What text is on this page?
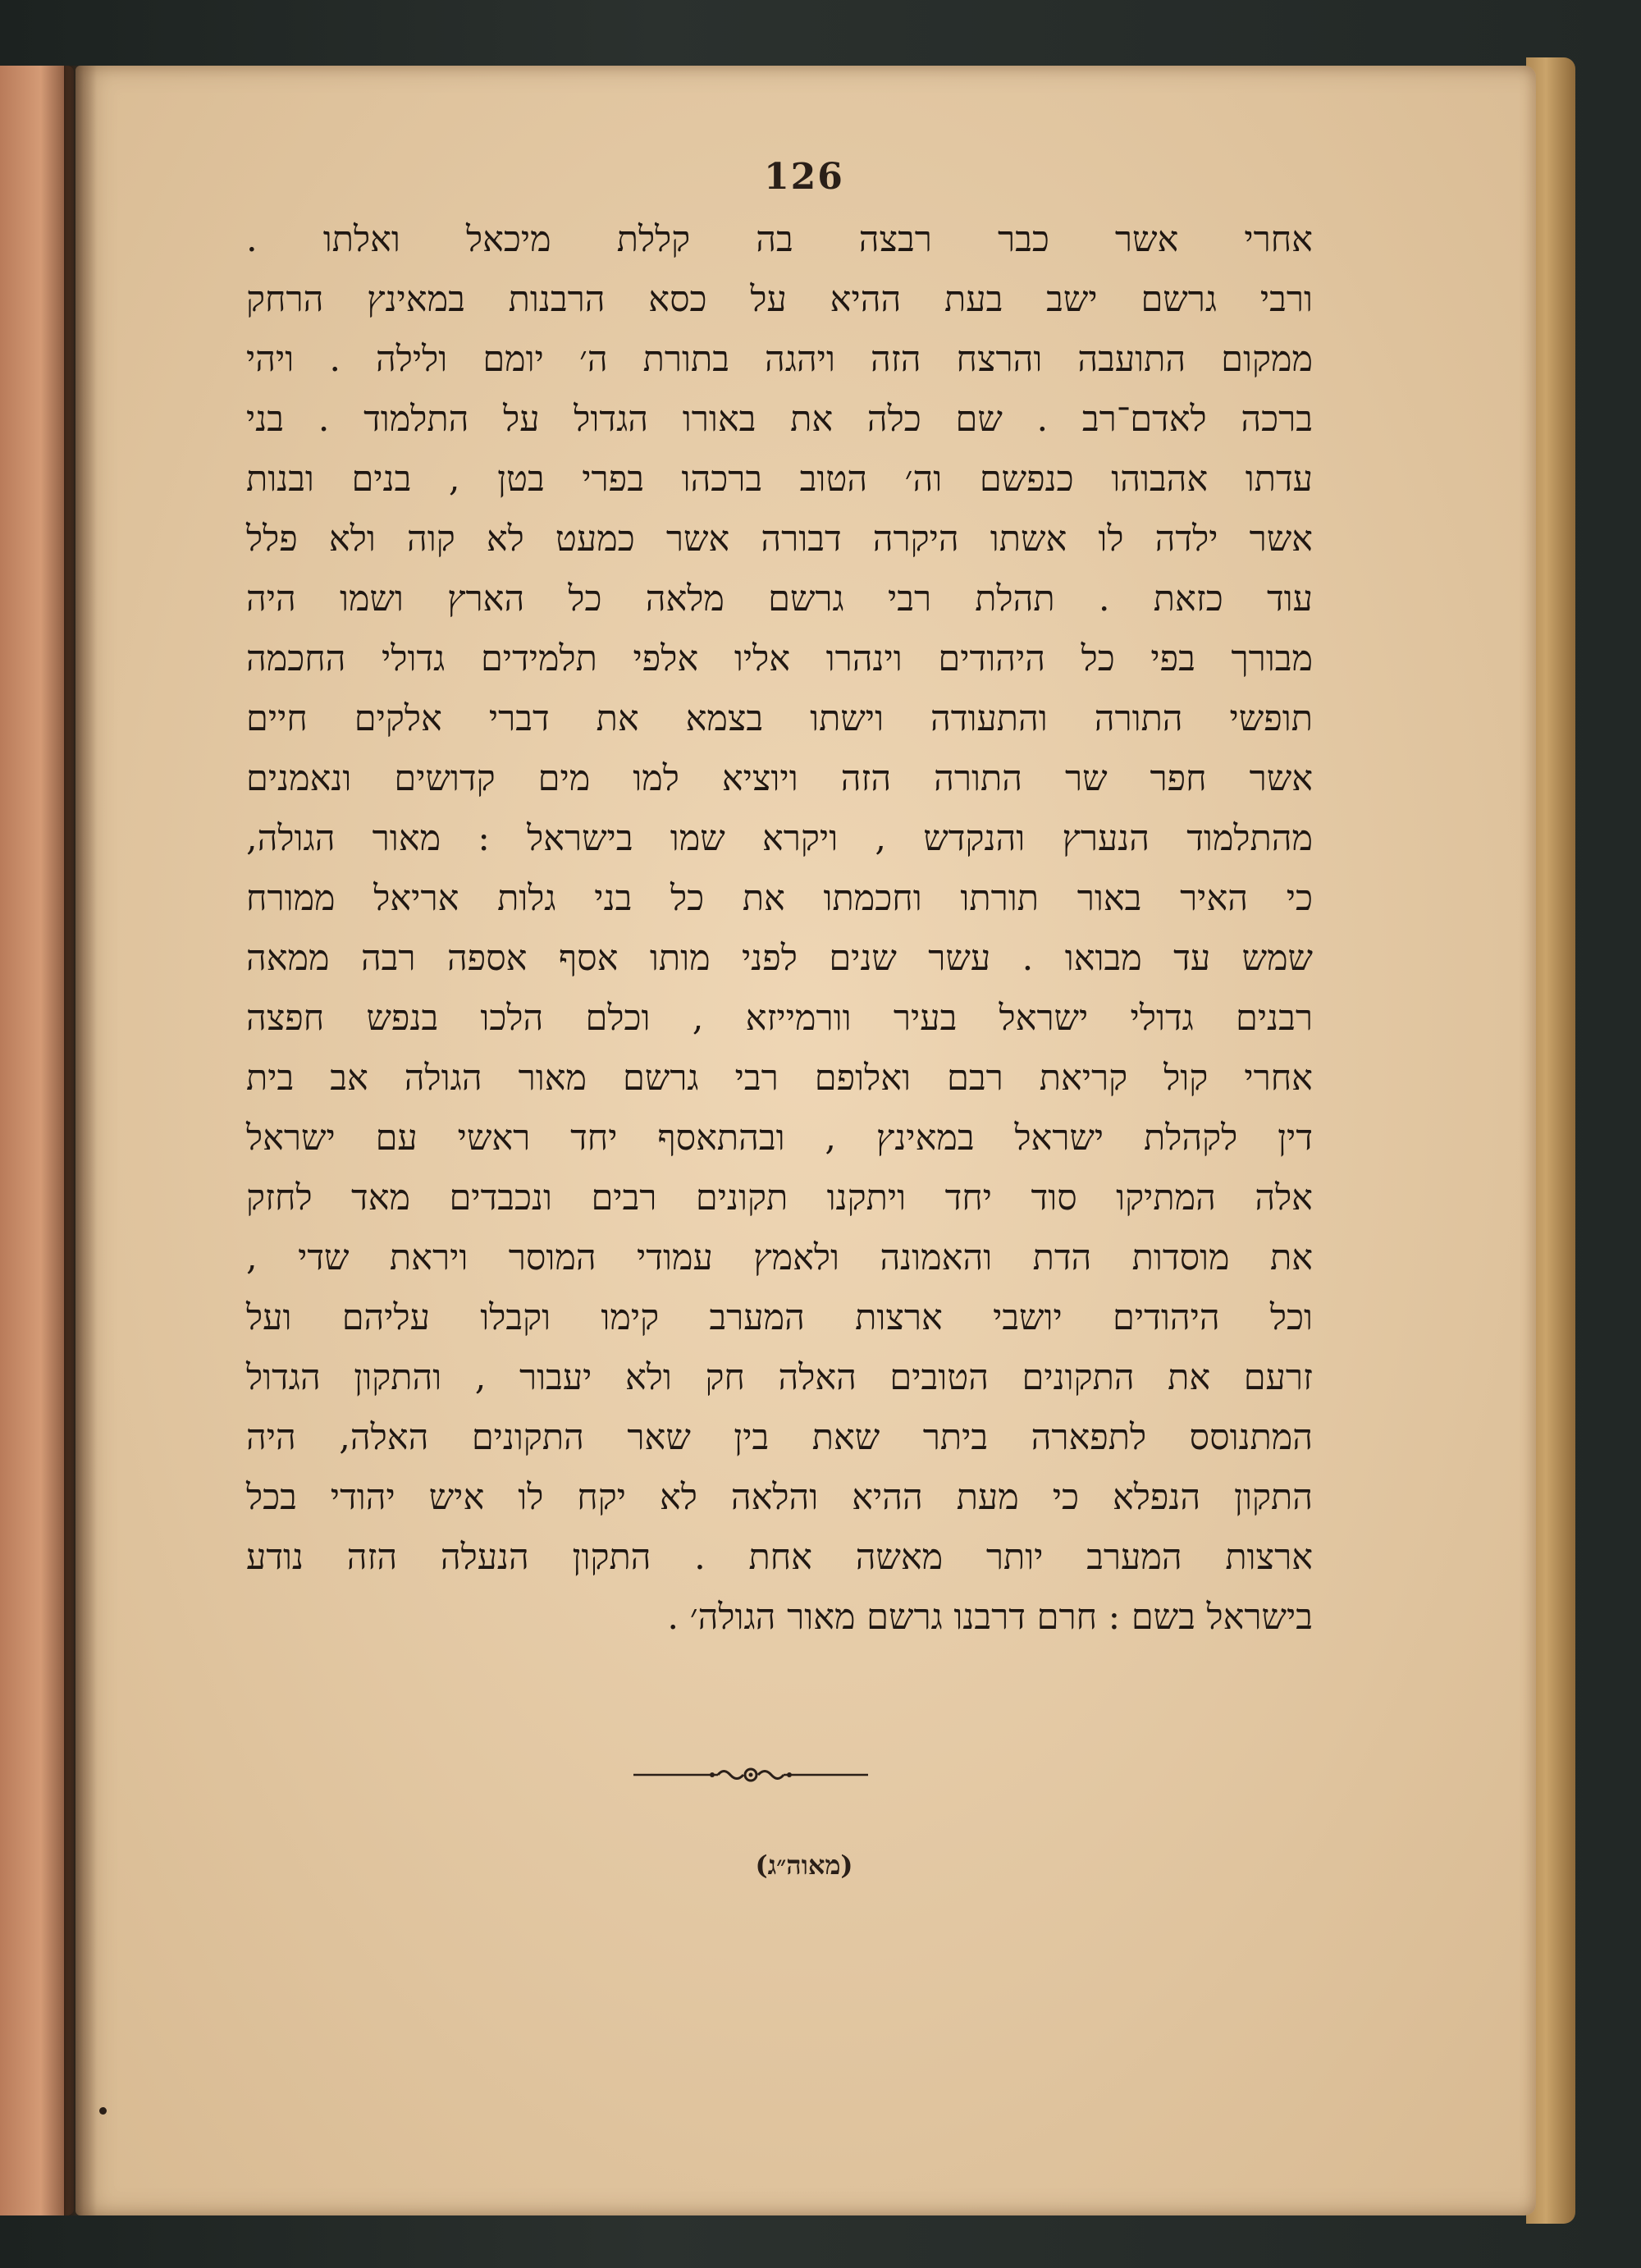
126
אחרי אשר כבר רבצה בה קללת מיכאל ואלתו .
ורבי גרשם ישב בעת ההיא על כסא הרבנות במאינץ הרחק
ממקום התועבה והרצח הזה ויהגה בתורת ה׳ יומם ולילה . ויהי
ברכה לאדם־רב . שם כלה את באורו הגדול על התלמוד . בני
עדתו אהבוהו כנפשם וה׳ הטוב ברכהו בפרי בטן , בנים ובנות
אשר ילדה לו אשתו היקרה דבורה אשר כמעט לא קוה ולא פלל
עוד כזאת . תהלת רבי גרשם מלאה כל הארץ ושמו היה
מבורך בפי כל היהודים וינהרו אליו אלפי תלמידים גדולי החכמה
תופשי התורה והתעודה וישתו בצמא את דברי אלקים חיים
אשר חפר שר התורה הזה ויוציא למו מים קדושים ונאמנים
מהתלמוד הנערץ והנקדש , ויקרא שמו בישראל : מאור הגולה,
כי האיר באור תורתו וחכמתו את כל בני גלות אריאל ממורח
שמש עד מבואו . עשר שנים לפני מותו אסף אספה רבה ממאה
רבנים גדולי ישראל בעיר וורמייזא , וכלם הלכו בנפש חפצה
אחרי קול קריאת רבם ואלופם רבי גרשם מאור הגולה אב בית
דין לקהלת ישראל במאינץ , ובהתאסף יחד ראשי עם ישראל
אלה המתיקו סוד יחד ויתקנו תקונים רבים ונכבדים מאד לחזק
את מוסדות הדת והאמונה ולאמץ עמודי המוסר ויראת שדי ,
וכל היהודים יושבי ארצות המערב קימו וקבלו עליהם ועל
זרעם את התקונים הטובים האלה חק ולא יעבור , והתקון הגדול
המתנוסס לתפארה ביתר שאת בין שאר התקונים האלה, היה
התקון הנפלא כי מעת ההיא והלאה לא יקח לו איש יהודי בכל
ארצות המערב יותר מאשה אחת . התקון הנעלה הזה נודע
בישראל בשם : חרם דרבנו גרשם מאור הגולה׳ .
(מאוה״ג)
